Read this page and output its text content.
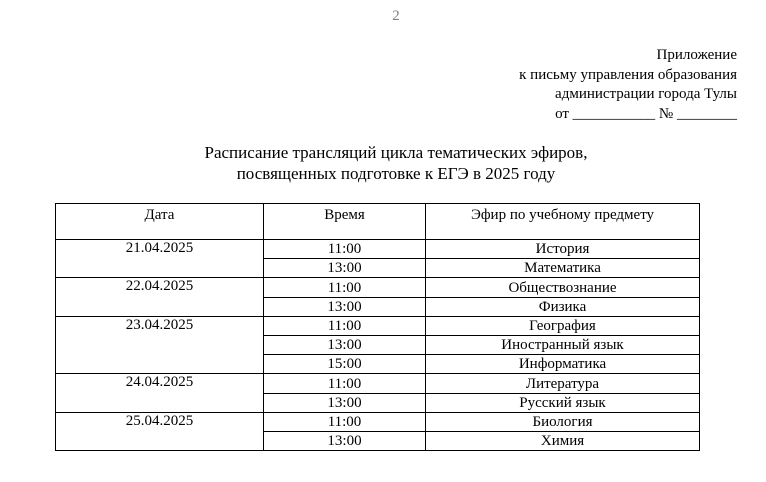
2
Приложение
к письму управления образования
администрации города Тулы
от ___________ № ________
Расписание трансляций цикла тематических эфиров,
посвященных подготовке к ЕГЭ в 2025 году
Дата	Время	Эфир по учебному предмету
21.04.2025	11:00	История
	13:00	Математика
22.04.2025	11:00	Обществознание
	13:00	Физика
23.04.2025	11:00	География
	13:00	Иностранный язык
	15:00	Информатика
24.04.2025	11:00	Литература
	13:00	Русский язык
25.04.2025	11:00	Биология
	13:00	Химия
